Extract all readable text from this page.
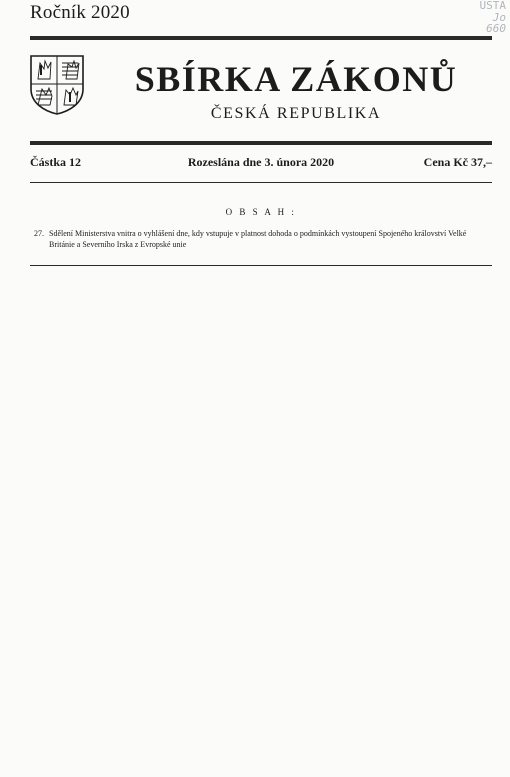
Ročník 2020	ÚSTA
Jo
660
SBÍRKA ZÁKONŮ
ČESKÁ REPUBLIKA
Částka 12	Rozeslána dne 3. února 2020	Cena Kč 37,–
O B S A H :
27. Sdělení Ministerstva vnitra o vyhlášení dne, kdy vstupuje v platnost dohoda o podmínkách vystoupení Spojeného království Velké Británie a Severního Irska z Evropské unie
